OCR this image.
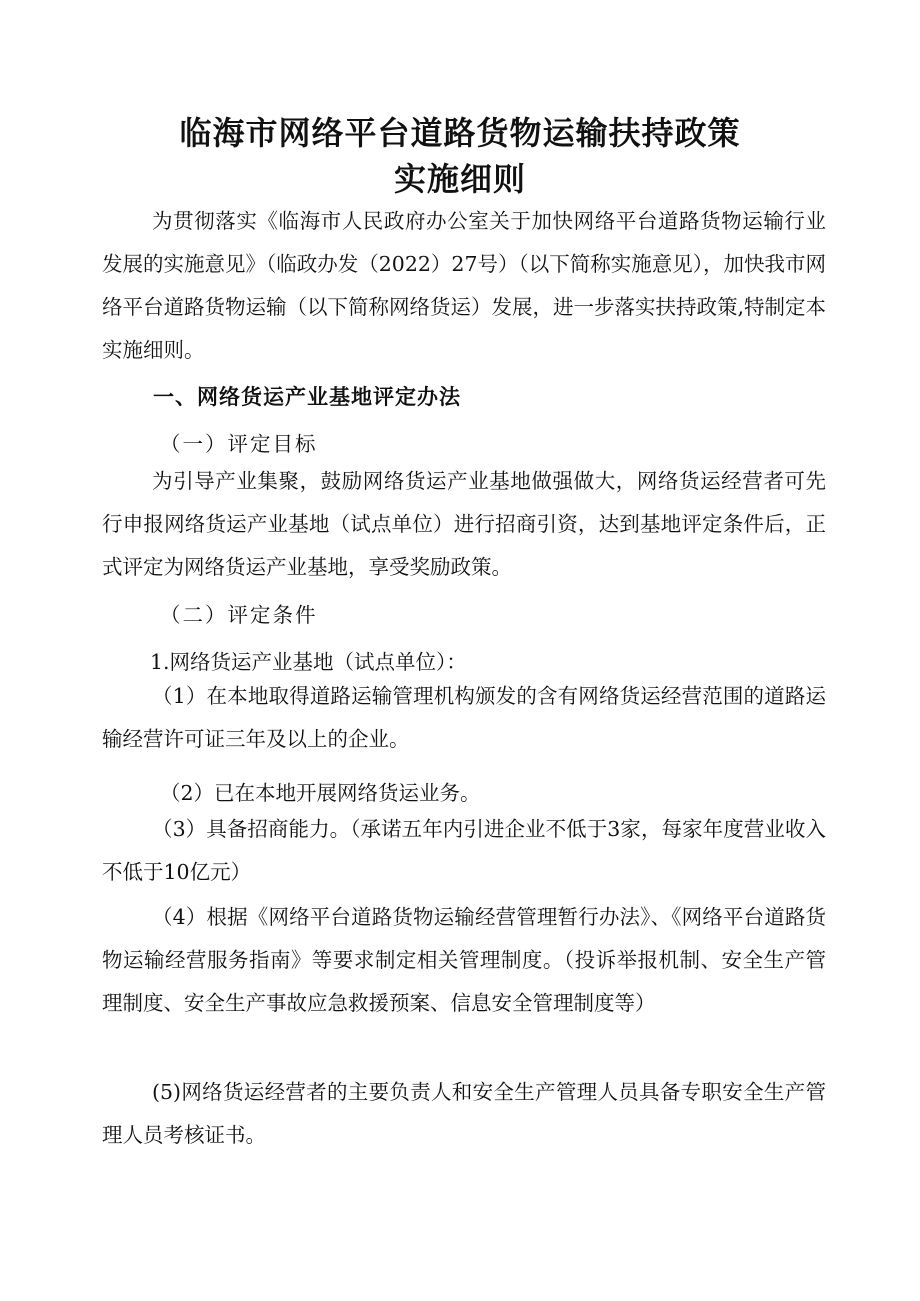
临海市网络平台道路货物运输扶持政策
实施细则

为贯彻落实《临海市人民政府办公室关于加快网络平台道路货物运输行业发展的实施意见》（临政办发（2022）27号）（以下简称实施意见），加快我市网络平台道路货物运输（以下简称网络货运）发展，进一步落实扶持政策,特制定本实施细则。

一、网络货运产业基地评定办法
（一）评定目标

为引导产业集聚，鼓励网络货运产业基地做强做大，网络货运经营者可先行申报网络货运产业基地（试点单位）进行招商引资，达到基地评定条件后，正式评定为网络货运产业基地，享受奖励政策。

（二）评定条件
1.网络货运产业基地（试点单位）：

（1）在本地取得道路运输管理机构颁发的含有网络货运经营范围的道路运输经营许可证三年及以上的企业。

（2）已在本地开展网络货运业务。

（3）具备招商能力。（承诺五年内引进企业不低于3家，每家年度营业收入不低于10亿元）

（4）根据《网络平台道路货物运输经营管理暂行办法》、《网络平台道路货物运输经营服务指南》等要求制定相关管理制度。（投诉举报机制、安全生产管理制度、安全生产事故应急救援预案、信息安全管理制度等）

(5)网络货运经营者的主要负责人和安全生产管理人员具备专职安全生产管理人员考核证书。
